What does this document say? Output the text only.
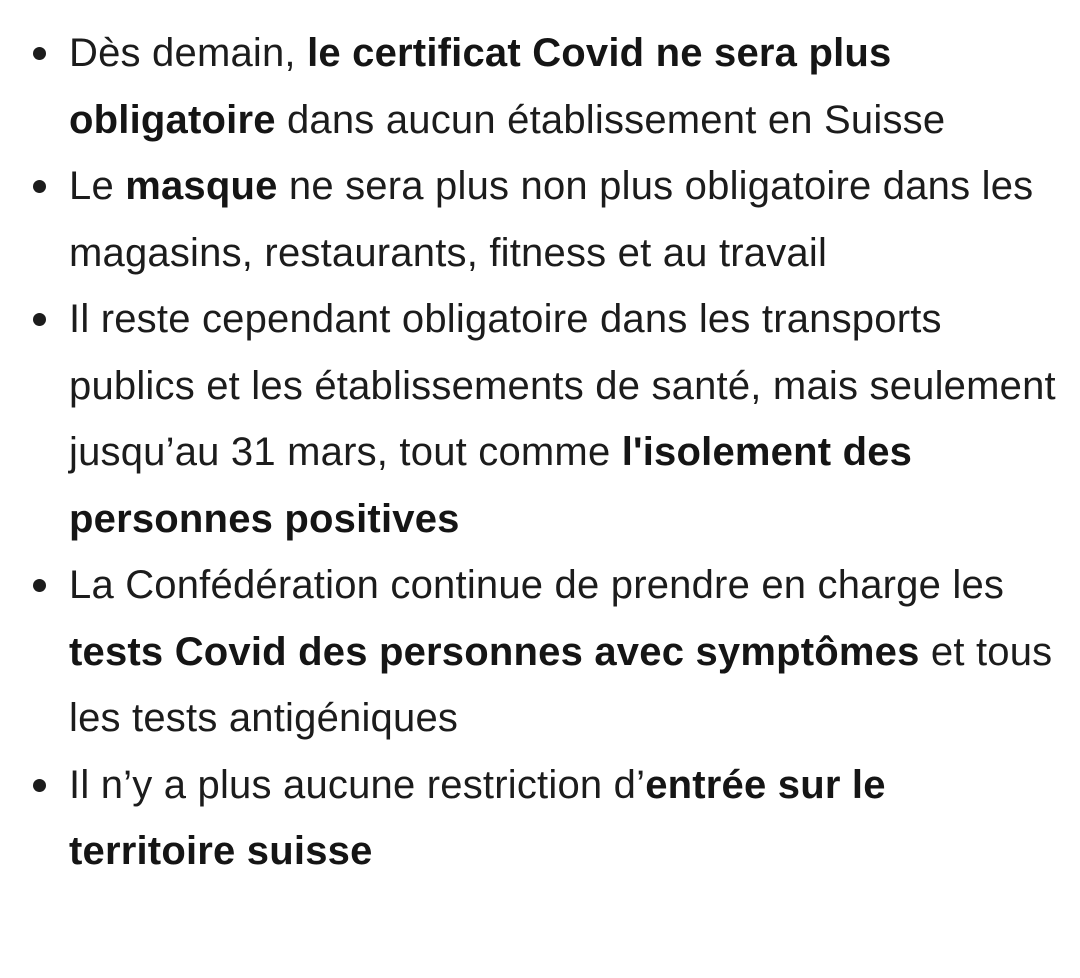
Dès demain, le certificat Covid ne sera plus obligatoire dans aucun établissement en Suisse
Le masque ne sera plus non plus obligatoire dans les magasins, restaurants, fitness et au travail
Il reste cependant obligatoire dans les transports publics et les établissements de santé, mais seulement jusqu’au 31 mars, tout comme l'isolement des personnes positives
La Confédération continue de prendre en charge les tests Covid des personnes avec symptômes et tous les tests antigéniques
Il n’y a plus aucune restriction d’entrée sur le territoire suisse
